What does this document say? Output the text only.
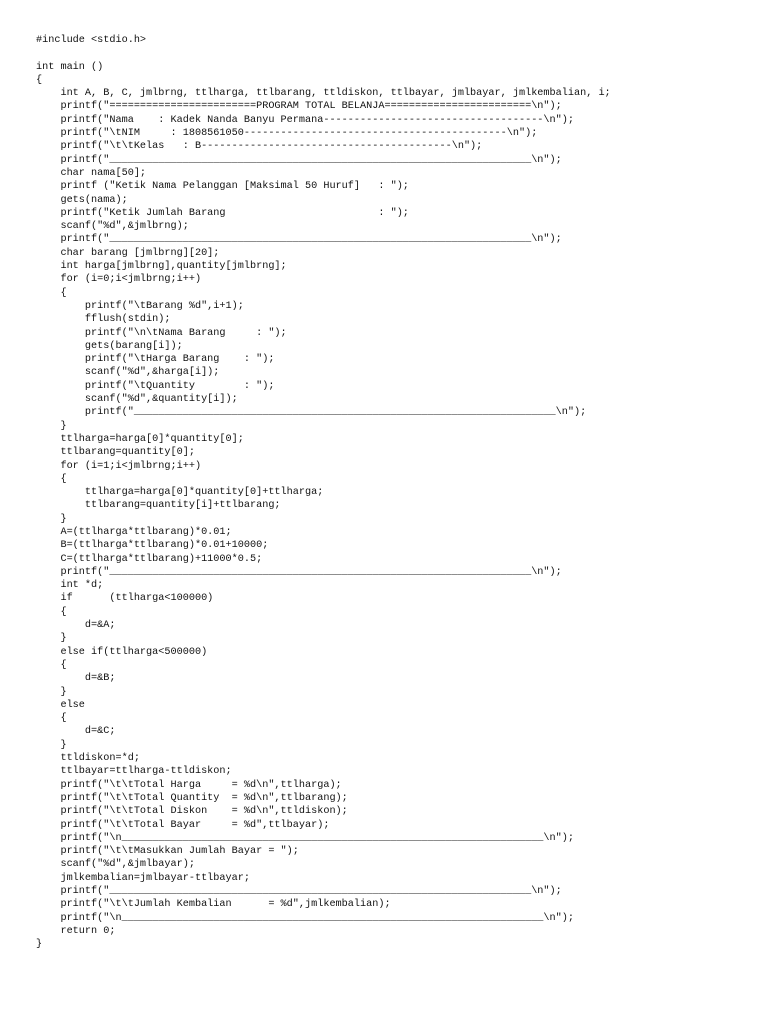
#include <stdio.h>
int main ()
{
int A, B, C, jmlbrng, ttlharga, ttlbarang, ttldiskon, ttlbayar, jmlbayar, jmlkembalian, i;
printf("========================PROGRAM TOTAL BELANJA========================\n");
printf("Nama    : Kadek Nanda Banyu Permana------------------------------------\n");
printf("\tNIM     : 1808561050-------------------------------------------\n");
printf("\t\tKelas   : B-----------------------------------------\n");
printf("_____________________________________________________________________\n");
char nama[50];
printf ("Ketik Nama Pelanggan [Maksimal 50 Huruf]   : ");
gets(nama);
printf("Ketik Jumlah Barang                         : ");
scanf("%d",&jmlbrng);
printf("_____________________________________________________________________\n");
char barang [jmlbrng][20];
int harga[jmlbrng],quantity[jmlbrng];
for (i=0;i<jmlbrng;i++)
{
printf("\tBarang %d",i+1);
fflush(stdin);
printf("\n\tNama Barang     : ");
gets(barang[i]);
printf("\tHarga Barang    : ");
scanf("%d",&harga[i]);
printf("\tQuantity        : ");
scanf("%d",&quantity[i]);
printf("_____________________________________________________________________\n");
}
ttlharga=harga[0]*quantity[0];
ttlbarang=quantity[0];
for (i=1;i<jmlbrng;i++)
{
ttlharga=harga[0]*quantity[0]+ttlharga;
ttlbarang=quantity[i]+ttlbarang;
}
A=(ttlharga*ttlbarang)*0.01;
B=(ttlharga*ttlbarang)*0.01+10000;
C=(ttlharga*ttlbarang)+11000*0.5;
printf("_____________________________________________________________________\n");
int *d;
if      (ttlharga<100000)
{
d=&A;
}
else if(ttlharga<500000)
{
d=&B;
}
else
{
d=&C;
}
ttldiskon=*d;
ttlbayar=ttlharga-ttldiskon;
printf("\t\tTotal Harga     = %d\n",ttlharga);
printf("\t\tTotal Quantity  = %d\n",ttlbarang);
printf("\t\tTotal Diskon    = %d\n",ttldiskon);
printf("\t\tTotal Bayar     = %d",ttlbayar);
printf("\n_____________________________________________________________________\n");
printf("\t\tMasukkan Jumlah Bayar = ");
scanf("%d",&jmlbayar);
jmlkembalian=jmlbayar-ttlbayar;
printf("_____________________________________________________________________\n");
printf("\t\tJumlah Kembalian      = %d",jmlkembalian);
printf("\n_____________________________________________________________________\n");
return 0;
}
